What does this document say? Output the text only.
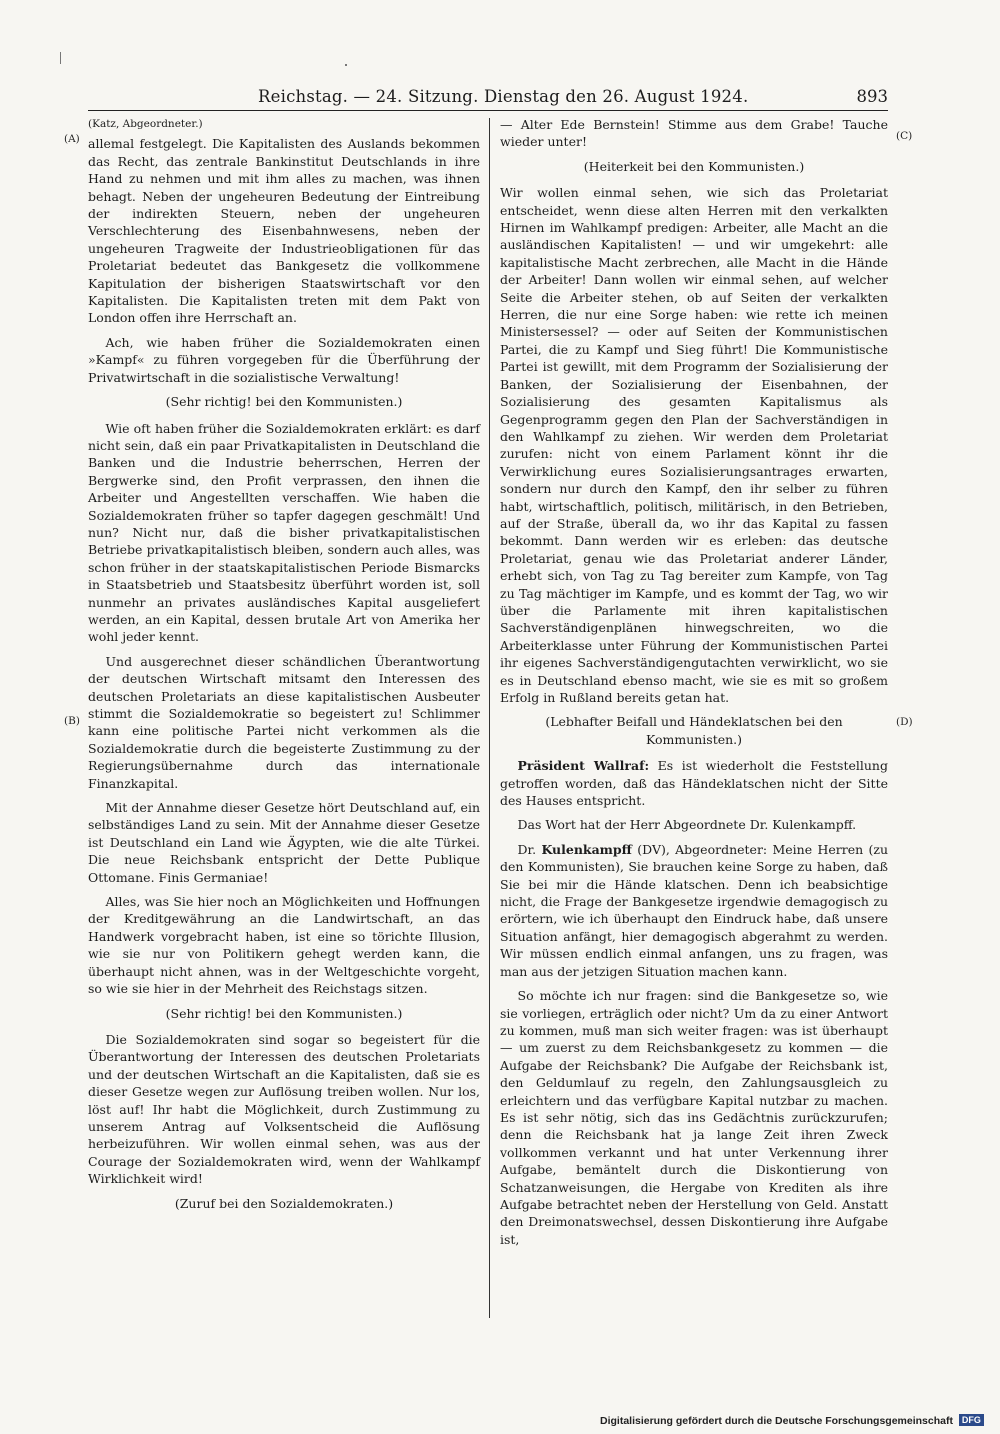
Reichstag. — 24. Sitzung. Dienstag den 26. August 1924.	893
(A)
(B)
(C)
(D)

(Katz, Abgeordneter.)

allemal festgelegt. Die Kapitalisten des Auslands bekommen das Recht, das zentrale Bankinstitut Deutschlands in ihre Hand zu nehmen und mit ihm alles zu machen, was ihnen behagt. Neben der ungeheuren Bedeutung der Eintreibung der indirekten Steuern, neben der ungeheuren Verschlechterung des Eisenbahnwesens, neben der ungeheuren Tragweite der Industrieobligationen für das Proletariat bedeutet das Bankgesetz die vollkommene Kapitulation der bisherigen Staatswirtschaft vor den Kapitalisten. Die Kapitalisten treten mit dem Pakt von London offen ihre Herrschaft an.

Ach, wie haben früher die Sozialdemokraten einen »Kampf« zu führen vorgegeben für die Überführung der Privatwirtschaft in die sozialistische Verwaltung!

(Sehr richtig! bei den Kommunisten.)

Wie oft haben früher die Sozialdemokraten erklärt: es darf nicht sein, daß ein paar Privatkapitalisten in Deutschland die Banken und die Industrie beherrschen, Herren der Bergwerke sind, den Profit verprassen, den ihnen die Arbeiter und Angestellten verschaffen. Wie haben die Sozialdemokraten früher so tapfer dagegen geschmält! Und nun? Nicht nur, daß die bisher privatkapitalistischen Betriebe privatkapitalistisch bleiben, sondern auch alles, was schon früher in der staatskapitalistischen Periode Bismarcks in Staatsbetrieb und Staatsbesitz überführt worden ist, soll nunmehr an privates ausländisches Kapital ausgeliefert werden, an ein Kapital, dessen brutale Art von Amerika her wohl jeder kennt.

Und ausgerechnet dieser schändlichen Überantwortung der deutschen Wirtschaft mitsamt den Interessen des deutschen Proletariats an diese kapitalistischen Ausbeuter stimmt die Sozialdemokratie so begeistert zu! Schlimmer kann eine politische Partei nicht verkommen als die Sozialdemokratie durch die begeisterte Zustimmung zu der Regierungsübernahme durch das internationale Finanzkapital.

Mit der Annahme dieser Gesetze hört Deutschland auf, ein selbständiges Land zu sein. Mit der Annahme dieser Gesetze ist Deutschland ein Land wie Ägypten, wie die alte Türkei. Die neue Reichsbank entspricht der Dette Publique Ottomane. Finis Germaniae!

Alles, was Sie hier noch an Möglichkeiten und Hoffnungen der Kreditgewährung an die Landwirtschaft, an das Handwerk vorgebracht haben, ist eine so törichte Illusion, wie sie nur von Politikern gehegt werden kann, die überhaupt nicht ahnen, was in der Weltgeschichte vorgeht, so wie sie hier in der Mehrheit des Reichstags sitzen.

(Sehr richtig! bei den Kommunisten.)

Die Sozialdemokraten sind sogar so begeistert für die Überantwortung der Interessen des deutschen Proletariats und der deutschen Wirtschaft an die Kapitalisten, daß sie es dieser Gesetze wegen zur Auflösung treiben wollen. Nur los, löst auf! Ihr habt die Möglichkeit, durch Zustimmung zu unserem Antrag auf Volksentscheid die Auflösung herbeizuführen. Wir wollen einmal sehen, was aus der Courage der Sozialdemokraten wird, wenn der Wahlkampf Wirklichkeit wird!

(Zuruf bei den Sozialdemokraten.)

— Alter Ede Bernstein! Stimme aus dem Grabe! Tauche wieder unter!

(Heiterkeit bei den Kommunisten.)

Wir wollen einmal sehen, wie sich das Proletariat entscheidet, wenn diese alten Herren mit den verkalkten Hirnen im Wahlkampf predigen: Arbeiter, alle Macht an die ausländischen Kapitalisten! — und wir umgekehrt: alle kapitalistische Macht zerbrechen, alle Macht in die Hände der Arbeiter! Dann wollen wir einmal sehen, auf welcher Seite die Arbeiter stehen, ob auf Seiten der verkalkten Herren, die nur eine Sorge haben: wie rette ich meinen Ministersessel? — oder auf Seiten der Kommunistischen Partei, die zu Kampf und Sieg führt! Die Kommunistische Partei ist gewillt, mit dem Programm der Sozialisierung der Banken, der Sozialisierung der Eisenbahnen, der Sozialisierung des gesamten Kapitalismus als Gegenprogramm gegen den Plan der Sachverständigen in den Wahlkampf zu ziehen. Wir werden dem Proletariat zurufen: nicht von einem Parlament könnt ihr die Verwirklichung eures Sozialisierungsantrages erwarten, sondern nur durch den Kampf, den ihr selber zu führen habt, wirtschaftlich, politisch, militärisch, in den Betrieben, auf der Straße, überall da, wo ihr das Kapital zu fassen bekommt. Dann werden wir es erleben: das deutsche Proletariat, genau wie das Proletariat anderer Länder, erhebt sich, von Tag zu Tag bereiter zum Kampfe, von Tag zu Tag mächtiger im Kampfe, und es kommt der Tag, wo wir über die Parlamente mit ihren kapitalistischen Sachverständigenplänen hinwegschreiten, wo die Arbeiterklasse unter Führung der Kommunistischen Partei ihr eigenes Sachverständigengutachten verwirklicht, wo sie es in Deutschland ebenso macht, wie sie es mit so großem Erfolg in Rußland bereits getan hat.

(Lebhafter Beifall und Händeklatschen bei den Kommunisten.)

Präsident Wallraf: Es ist wiederholt die Feststellung getroffen worden, daß das Händeklatschen nicht der Sitte des Hauses entspricht.

Das Wort hat der Herr Abgeordnete Dr. Kulenkampff.

Dr. Kulenkampff (DV), Abgeordneter: Meine Herren (zu den Kommunisten), Sie brauchen keine Sorge zu haben, daß Sie bei mir die Hände klatschen. Denn ich beabsichtige nicht, die Frage der Bankgesetze irgendwie demagogisch zu erörtern, wie ich überhaupt den Eindruck habe, daß unsere Situation anfängt, hier demagogisch abgerahmt zu werden. Wir müssen endlich einmal anfangen, uns zu fragen, was man aus der jetzigen Situation machen kann.

So möchte ich nur fragen: sind die Bankgesetze so, wie sie vorliegen, erträglich oder nicht? Um da zu einer Antwort zu kommen, muß man sich weiter fragen: was ist überhaupt — um zuerst zu dem Reichsbankgesetz zu kommen — die Aufgabe der Reichsbank? Die Aufgabe der Reichsbank ist, den Geldumlauf zu regeln, den Zahlungsausgleich zu erleichtern und das verfügbare Kapital nutzbar zu machen. Es ist sehr nötig, sich das ins Gedächtnis zurückzurufen; denn die Reichsbank hat ja lange Zeit ihren Zweck vollkommen verkannt und hat unter Verkennung ihrer Aufgabe, bemäntelt durch die Diskontierung von Schatzanweisungen, die Hergabe von Krediten als ihre Aufgabe betrachtet neben der Herstellung von Geld. Anstatt den Dreimonatswechsel, dessen Diskontierung ihre Aufgabe ist,

Digitalisierung gefördert durch die Deutsche Forschungsgemeinschaft DFG
